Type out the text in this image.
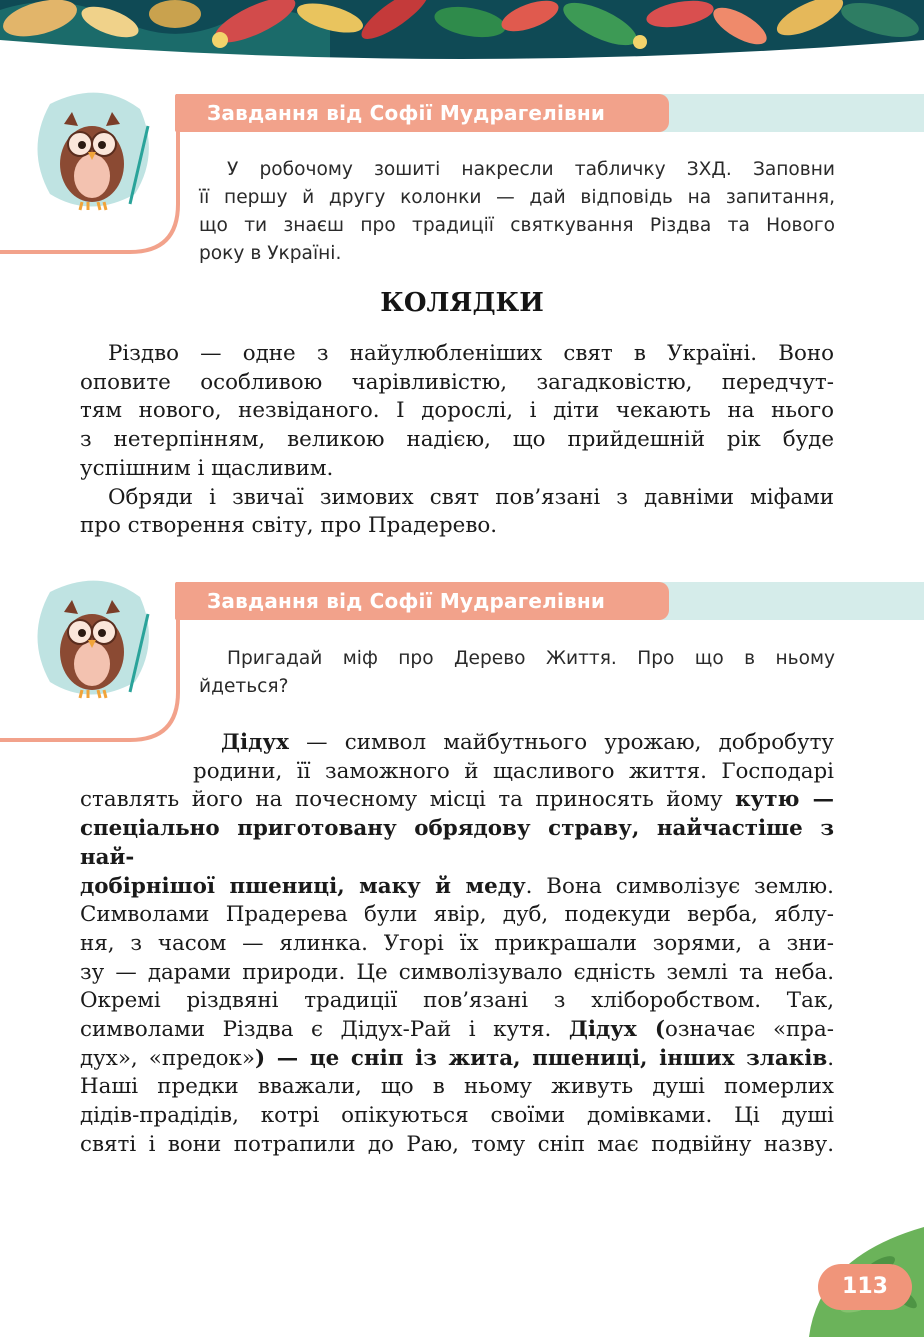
Завдання від Софії Мудрагелівни
У робочому зошиті накресли табличку ЗХД. Заповни
її першу й другу колонки — дай відповідь на запитання,
що ти знаєш про традиції святкування Різдва та Нового
року в Україні.
КОЛЯДКИ
Різдво — одне з найулюбленіших свят в Україні. Воно
оповите особливою чарівливістю, загадковістю, передчут-
тям нового, незвіданого. І дорослі, і діти чекають на нього
з нетерпінням, великою надією, що прийдешній рік буде
успішним і щасливим.
Обряди і звичаї зимових свят пов’язані з давніми міфами
про створення світу, про Прадерево.
Завдання від Софії Мудрагелівни
Пригадай міф про Дерево Життя. Про що в ньому
йдеться?
Дідух — символ майбутнього урожаю, добробуту
родини, її заможного й щасливого життя. Господарі
ставлять його на почесному місці та приносять йому кутю —
спеціально приготовану обрядову страву, найчастіше з най-
добірнішої пшениці, маку й меду. Вона символізує землю.
Символами Прадерева були явір, дуб, подекуди верба, яблу-
ня, з часом — ялинка. Угорі їх прикрашали зорями, а зни-
зу — дарами природи. Це символізувало єдність землі та неба.
Окремі різдвяні традиції пов’язані з хліборобством. Так,
символами Різдва є Дідух-Рай і кутя. Дідух (означає «пра-
дух», «предок») — це сніп із жита, пшениці, інших злаків.
Наші предки вважали, що в ньому живуть душі померлих
дідів-прадідів, котрі опікуються своїми домівками. Ці душі
святі і вони потрапили до Раю, тому сніп має подвійну назву.
113
